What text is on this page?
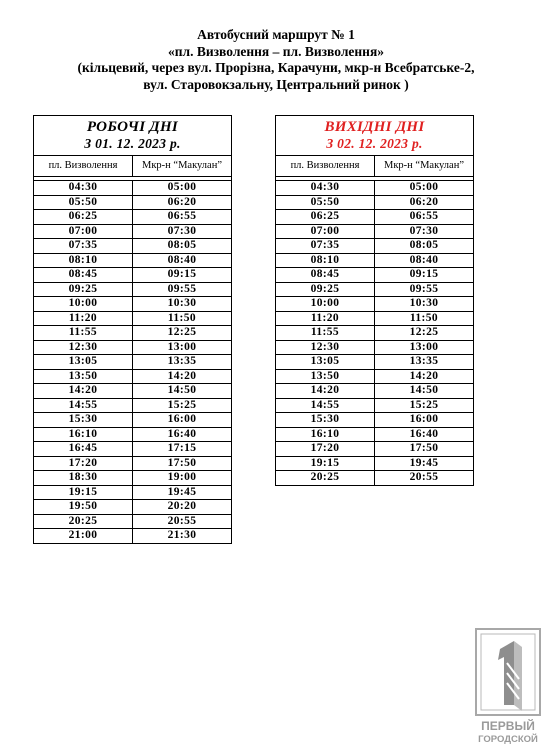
Автобусний маршрут № 1
«пл. Визволення – пл. Визволення»
(кільцевий, через вул. Прорізна, Карачуни, мкр-н Всебратське-2,
вул. Старовокзальну, Центральний ринок )
РОБОЧІ ДНІ
З 01. 12. 2023 р.
пл. Визволення	Мкр-н “Макулан”
04:30	05:00
05:50	06:20
06:25	06:55
07:00	07:30
07:35	08:05
08:10	08:40
08:45	09:15
09:25	09:55
10:00	10:30
11:20	11:50
11:55	12:25
12:30	13:00
13:05	13:35
13:50	14:20
14:20	14:50
14:55	15:25
15:30	16:00
16:10	16:40
16:45	17:15
17:20	17:50
18:30	19:00
19:15	19:45
19:50	20:20
20:25	20:55
21:00	21:30
ВИХІДНІ ДНІ
З 02. 12. 2023 р.
пл. Визволення	Мкр-н “Макулан”
04:30	05:00
05:50	06:20
06:25	06:55
07:00	07:30
07:35	08:05
08:10	08:40
08:45	09:15
09:25	09:55
10:00	10:30
11:20	11:50
11:55	12:25
12:30	13:00
13:05	13:35
13:50	14:20
14:20	14:50
14:55	15:25
15:30	16:00
16:10	16:40
17:20	17:50
19:15	19:45
20:25	20:55
ПЕРВЫЙ
ГОРОДСКОЙ
